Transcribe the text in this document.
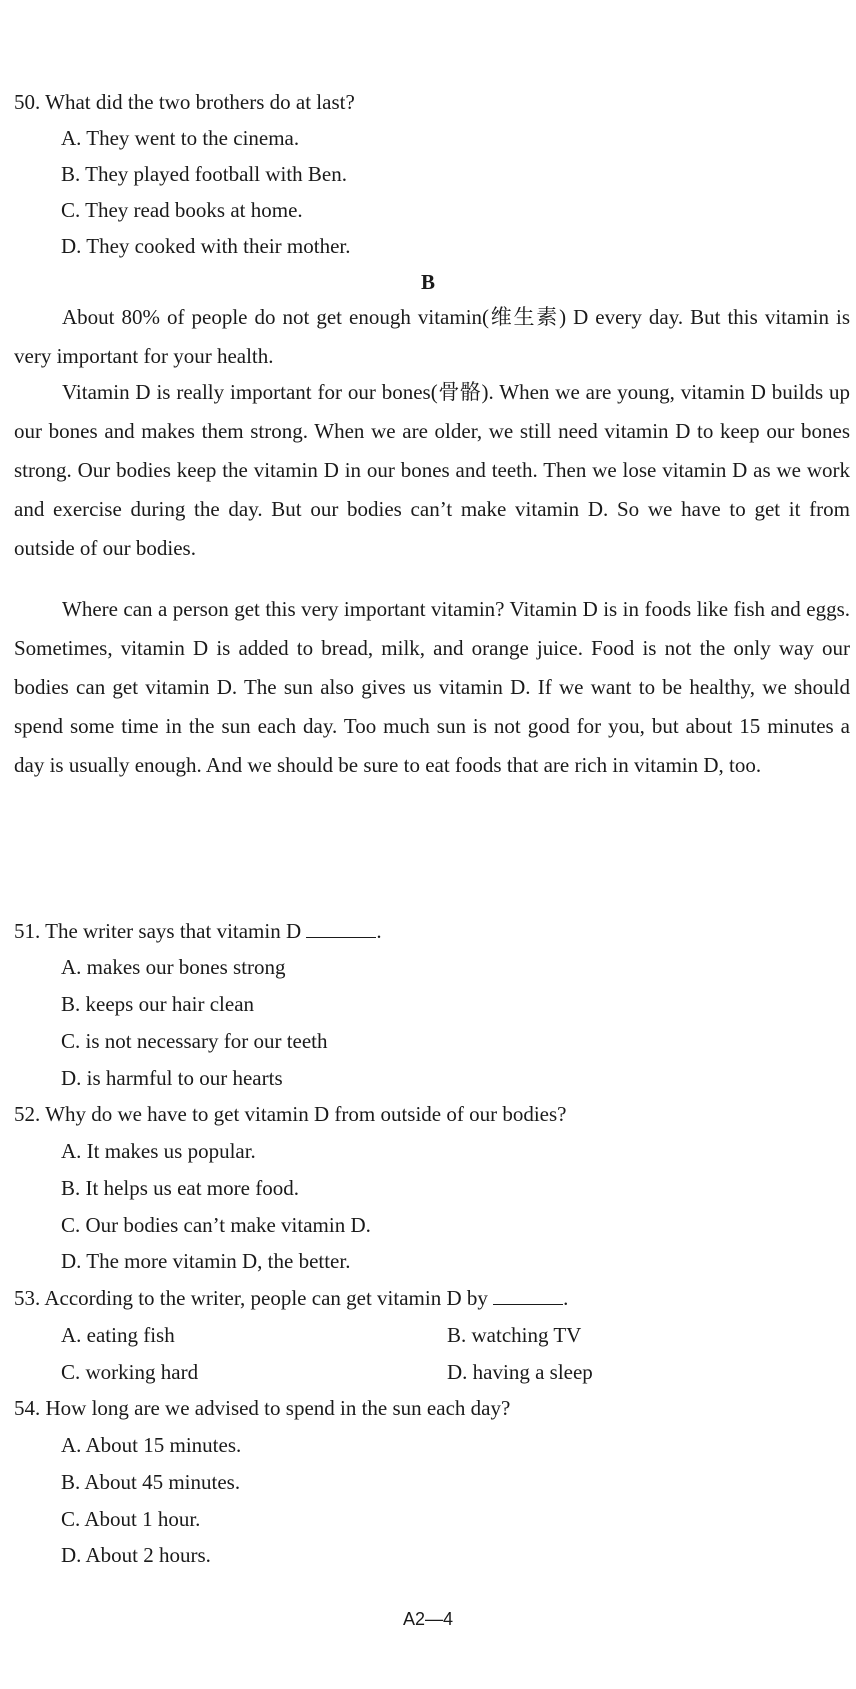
50. What did the two brothers do at last?
A. They went to the cinema.
B. They played football with Ben.
C. They read books at home.
D. They cooked with their mother.
B
About 80% of people do not get enough vitamin(维生素) D every day. But this vitamin is very important for your health.
Vitamin D is really important for our bones(骨骼). When we are young, vitamin D builds up our bones and makes them strong. When we are older, we still need vitamin D to keep our bones strong. Our bodies keep the vitamin D in our bones and teeth. Then we lose vitamin D as we work and exercise during the day. But our bodies can’t make vitamin D. So we have to get it from outside of our bodies.
Where can a person get this very important vitamin? Vitamin D is in foods like fish and eggs. Sometimes, vitamin D is added to bread, milk, and orange juice. Food is not the only way our bodies can get vitamin D. The sun also gives us vitamin D. If we want to be healthy, we should spend some time in the sun each day. Too much sun is not good for you, but about 15 minutes a day is usually enough. And we should be sure to eat foods that are rich in vitamin D, too.
51. The writer says that vitamin D	.
A. makes our bones strong
B. keeps our hair clean
C. is not necessary for our teeth
D. is harmful to our hearts
52. Why do we have to get vitamin D from outside of our bodies?
A. It makes us popular.
B. It helps us eat more food.
C. Our bodies can’t make vitamin D.
D. The more vitamin D, the better.
53. According to the writer, people can get vitamin D by	.
A. eating fish	B. watching TV
C. working hard	D. having a sleep
54. How long are we advised to spend in the sun each day?
A. About 15 minutes.
B. About 45 minutes.
C. About 1 hour.
D. About 2 hours.
A2—4
